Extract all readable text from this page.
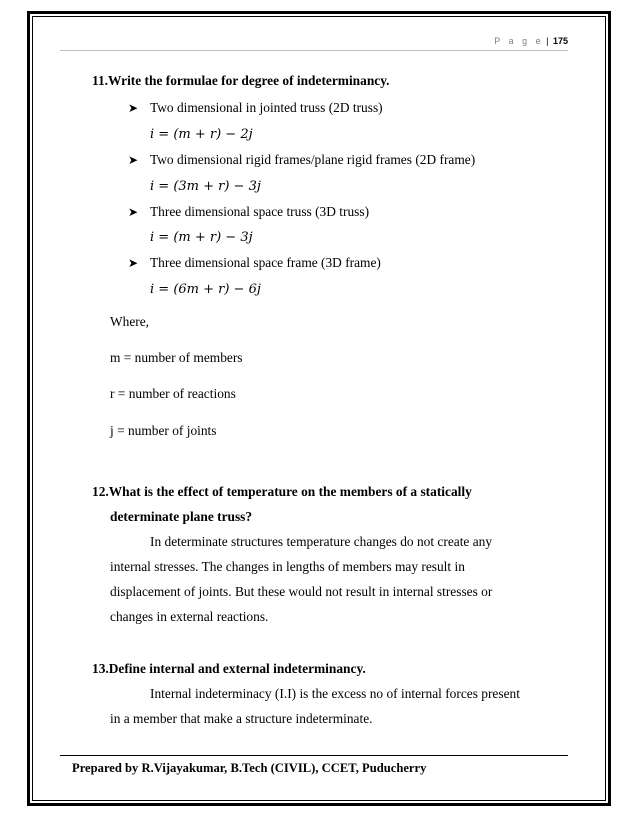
P a g e | 175
11.Write the formulae for degree of indeterminancy.
➤ Two dimensional in jointed truss (2D truss)
i = (m + r) − 2j
➤ Two dimensional rigid frames/plane rigid frames (2D frame)
i = (3m + r) − 3j
➤ Three dimensional space truss (3D truss)
i = (m + r) − 3j
➤ Three dimensional space frame (3D frame)
i = (6m + r) − 6j
Where,
m = number of members
r = number of reactions
j = number of joints
12.What is the effect of temperature on the members of a statically
determinate plane truss?
In determinate structures temperature changes do not create any
internal stresses. The changes in lengths of members may result in
displacement of joints. But these would not result in internal stresses or
changes in external reactions.
13.Define internal and external indeterminancy.
Internal indeterminacy (I.I) is the excess no of internal forces present
in a member that make a structure indeterminate.
Prepared by R.Vijayakumar, B.Tech (CIVIL), CCET, Puducherry
